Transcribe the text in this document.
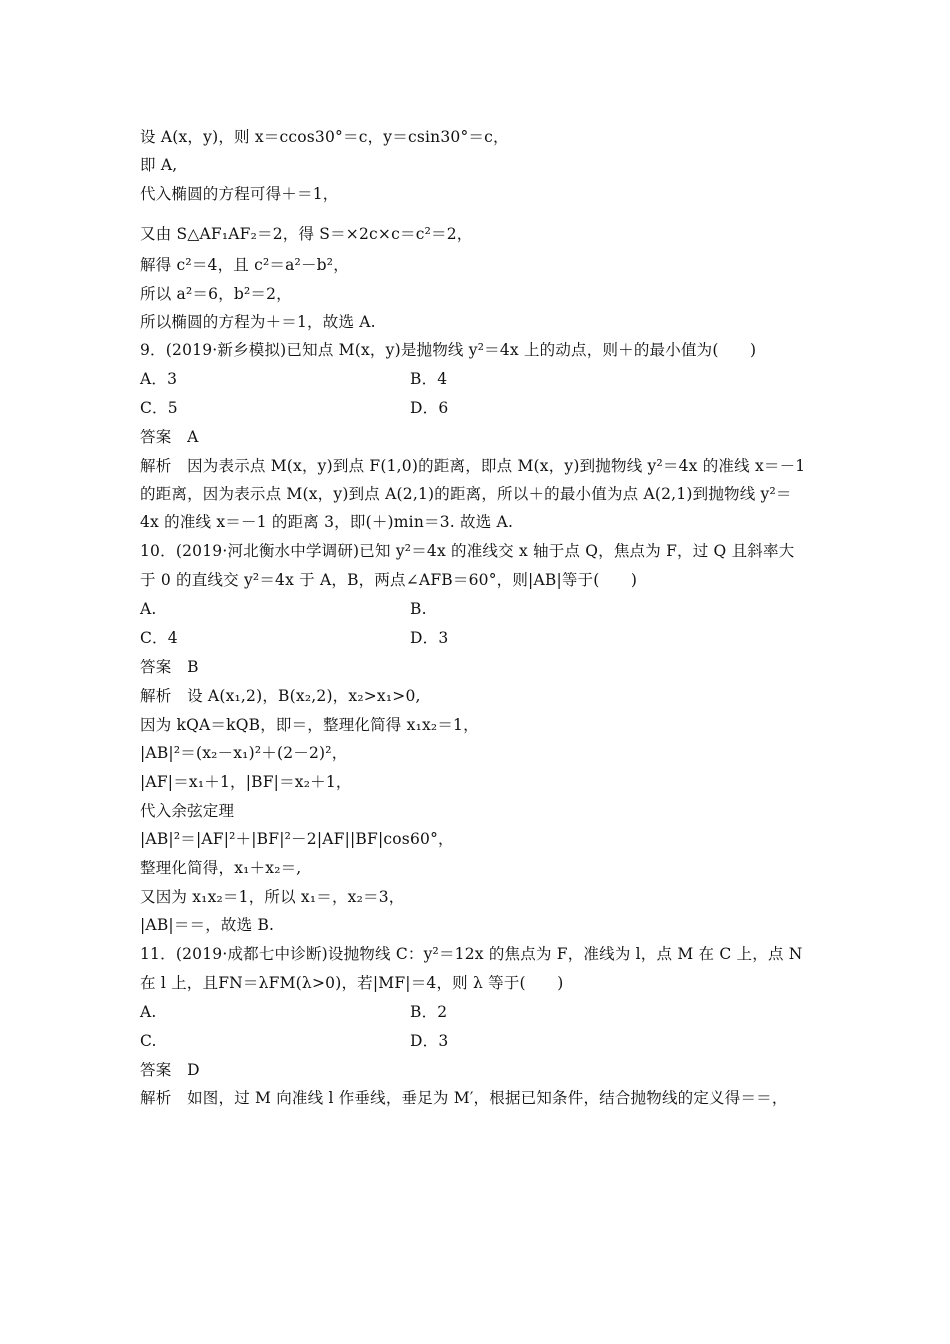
设 A(x，y)，则 x＝ccos30°＝c，y＝csin30°＝c，
即 A,
代入椭圆的方程可得＋＝1，
又由 S△AF₁AF₂＝2，得 S＝×2c×c＝c²＝2，
解得 c²＝4，且 c²＝a²－b²，
所以 a²＝6，b²＝2，
所以椭圆的方程为＋＝1，故选 A.
9．(2019·新乡模拟)已知点 M(x，y)是抛物线 y²＝4x 上的动点，则＋的最小值为(　　)
A．3	B．4
C．5	D．6
答案　A
解析　因为表示点 M(x，y)到点 F(1,0)的距离，即点 M(x，y)到抛物线 y²＝4x 的准线 x＝－1
的距离，因为表示点 M(x，y)到点 A(2,1)的距离，所以＋的最小值为点 A(2,1)到抛物线 y²＝
4x 的准线 x＝－1 的距离 3，即(＋)min＝3. 故选 A.
10．(2019·河北衡水中学调研)已知 y²＝4x 的准线交 x 轴于点 Q，焦点为 F，过 Q 且斜率大
于 0 的直线交 y²＝4x 于 A，B，两点∠AFB＝60°，则|AB|等于(　　)
A.	B.
C．4	D．3
答案　B
解析　设 A(x₁,2)，B(x₂,2)，x₂>x₁>0,
因为 kQA＝kQB，即＝，整理化简得 x₁x₂＝1，
|AB|²＝(x₂－x₁)²＋(2－2)²，
|AF|＝x₁＋1，|BF|＝x₂＋1，
代入余弦定理
|AB|²＝|AF|²＋|BF|²－2|AF||BF|cos60°，
整理化简得，x₁＋x₂＝,
又因为 x₁x₂＝1，所以 x₁＝，x₂＝3，
|AB|＝＝，故选 B.
11．(2019·成都七中诊断)设抛物线 C：y²＝12x 的焦点为 F，准线为 l，点 M 在 C 上，点 N
在 l 上，且FN＝λFM(λ>0)，若|MF|＝4，则 λ 等于(　　)
A.	B．2
C.	D．3
答案　D
解析　如图，过 M 向准线 l 作垂线，垂足为 M′，根据已知条件，结合抛物线的定义得＝＝，
